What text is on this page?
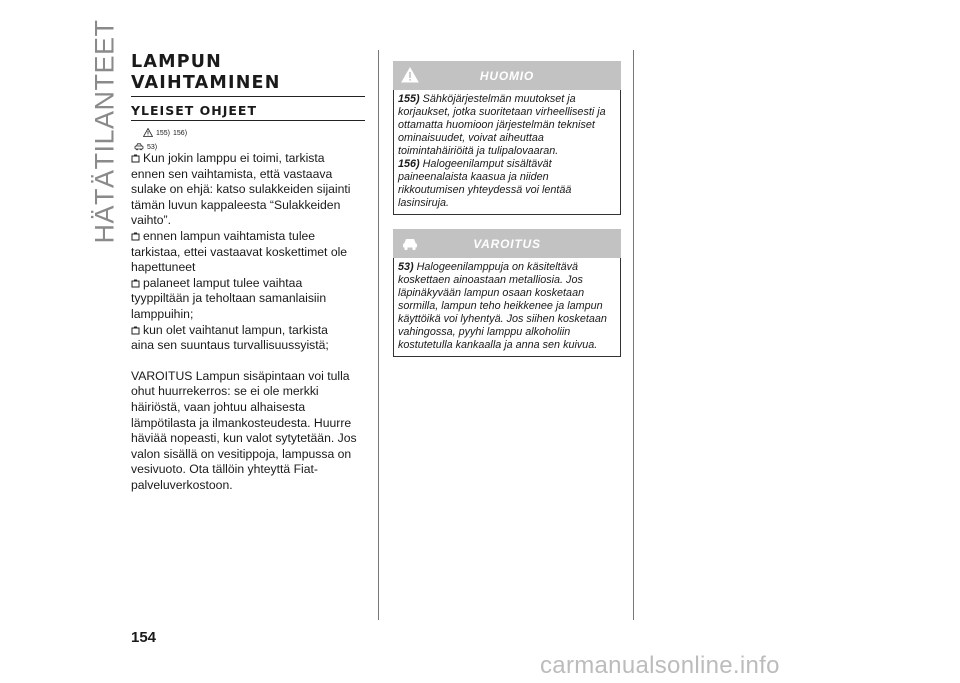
HÄTÄTILANTEET LAMPUN
VAIHTAMINEN
YLEISET OHJEET
155) 156)
53)

Kun jokin lamppu ei toimi, tarkista
ennen sen vaihtamista, että vastaava sulake on ehjä: katso sulakkeiden sijainti tämän luvun kappaleesta “Sulakkeiden vaihto”.

ennen lampun vaihtamista tulee
tarkistaa, ettei vastaavat koskettimet ole hapettuneet

palaneet lamput tulee vaihtaa
tyyppiltään ja teholtaan samanlaisiin lamppuihin;

kun olet vaihtanut lampun, tarkista
aina sen suuntaus turvallisuussyistä;

VAROITUS Lampun sisäpintaan voi tulla ohut huurrekerros: se ei ole merkki häiriöstä, vaan johtuu alhaisesta lämpötilasta ja ilmankosteudesta. Huurre häviää nopeasti, kun valot sytytetään. Jos valon sisällä on vesitippoja, lampussa on vesivuoto. Ota tällöin yhteyttä Fiat-palveluverkostoon.

HUOMIO
155) Sähköjärjestelmän muutokset ja korjaukset, jotka suoritetaan virheellisesti ja ottamatta huomioon järjestelmän tekniset ominaisuudet, voivat aiheuttaa toimintahäiriöitä ja tulipalovaaran.
156) Halogeenilamput sisältävät paineenalaista kaasua ja niiden rikkoutumisen yhteydessä voi lentää lasinsiruja.
VAROITUS
53) Halogeenilamppuja on käsiteltävä koskettaen ainoastaan metalliosia. Jos läpinäkyvään lampun osaan kosketaan sormilla, lampun teho heikkenee ja lampun käyttöikä voi lyhentyä. Jos siihen kosketaan vahingossa, pyyhi lamppu alkoholiin kostutetulla kankaalla ja anna sen kuivua.
154
carmanualsonline.info
